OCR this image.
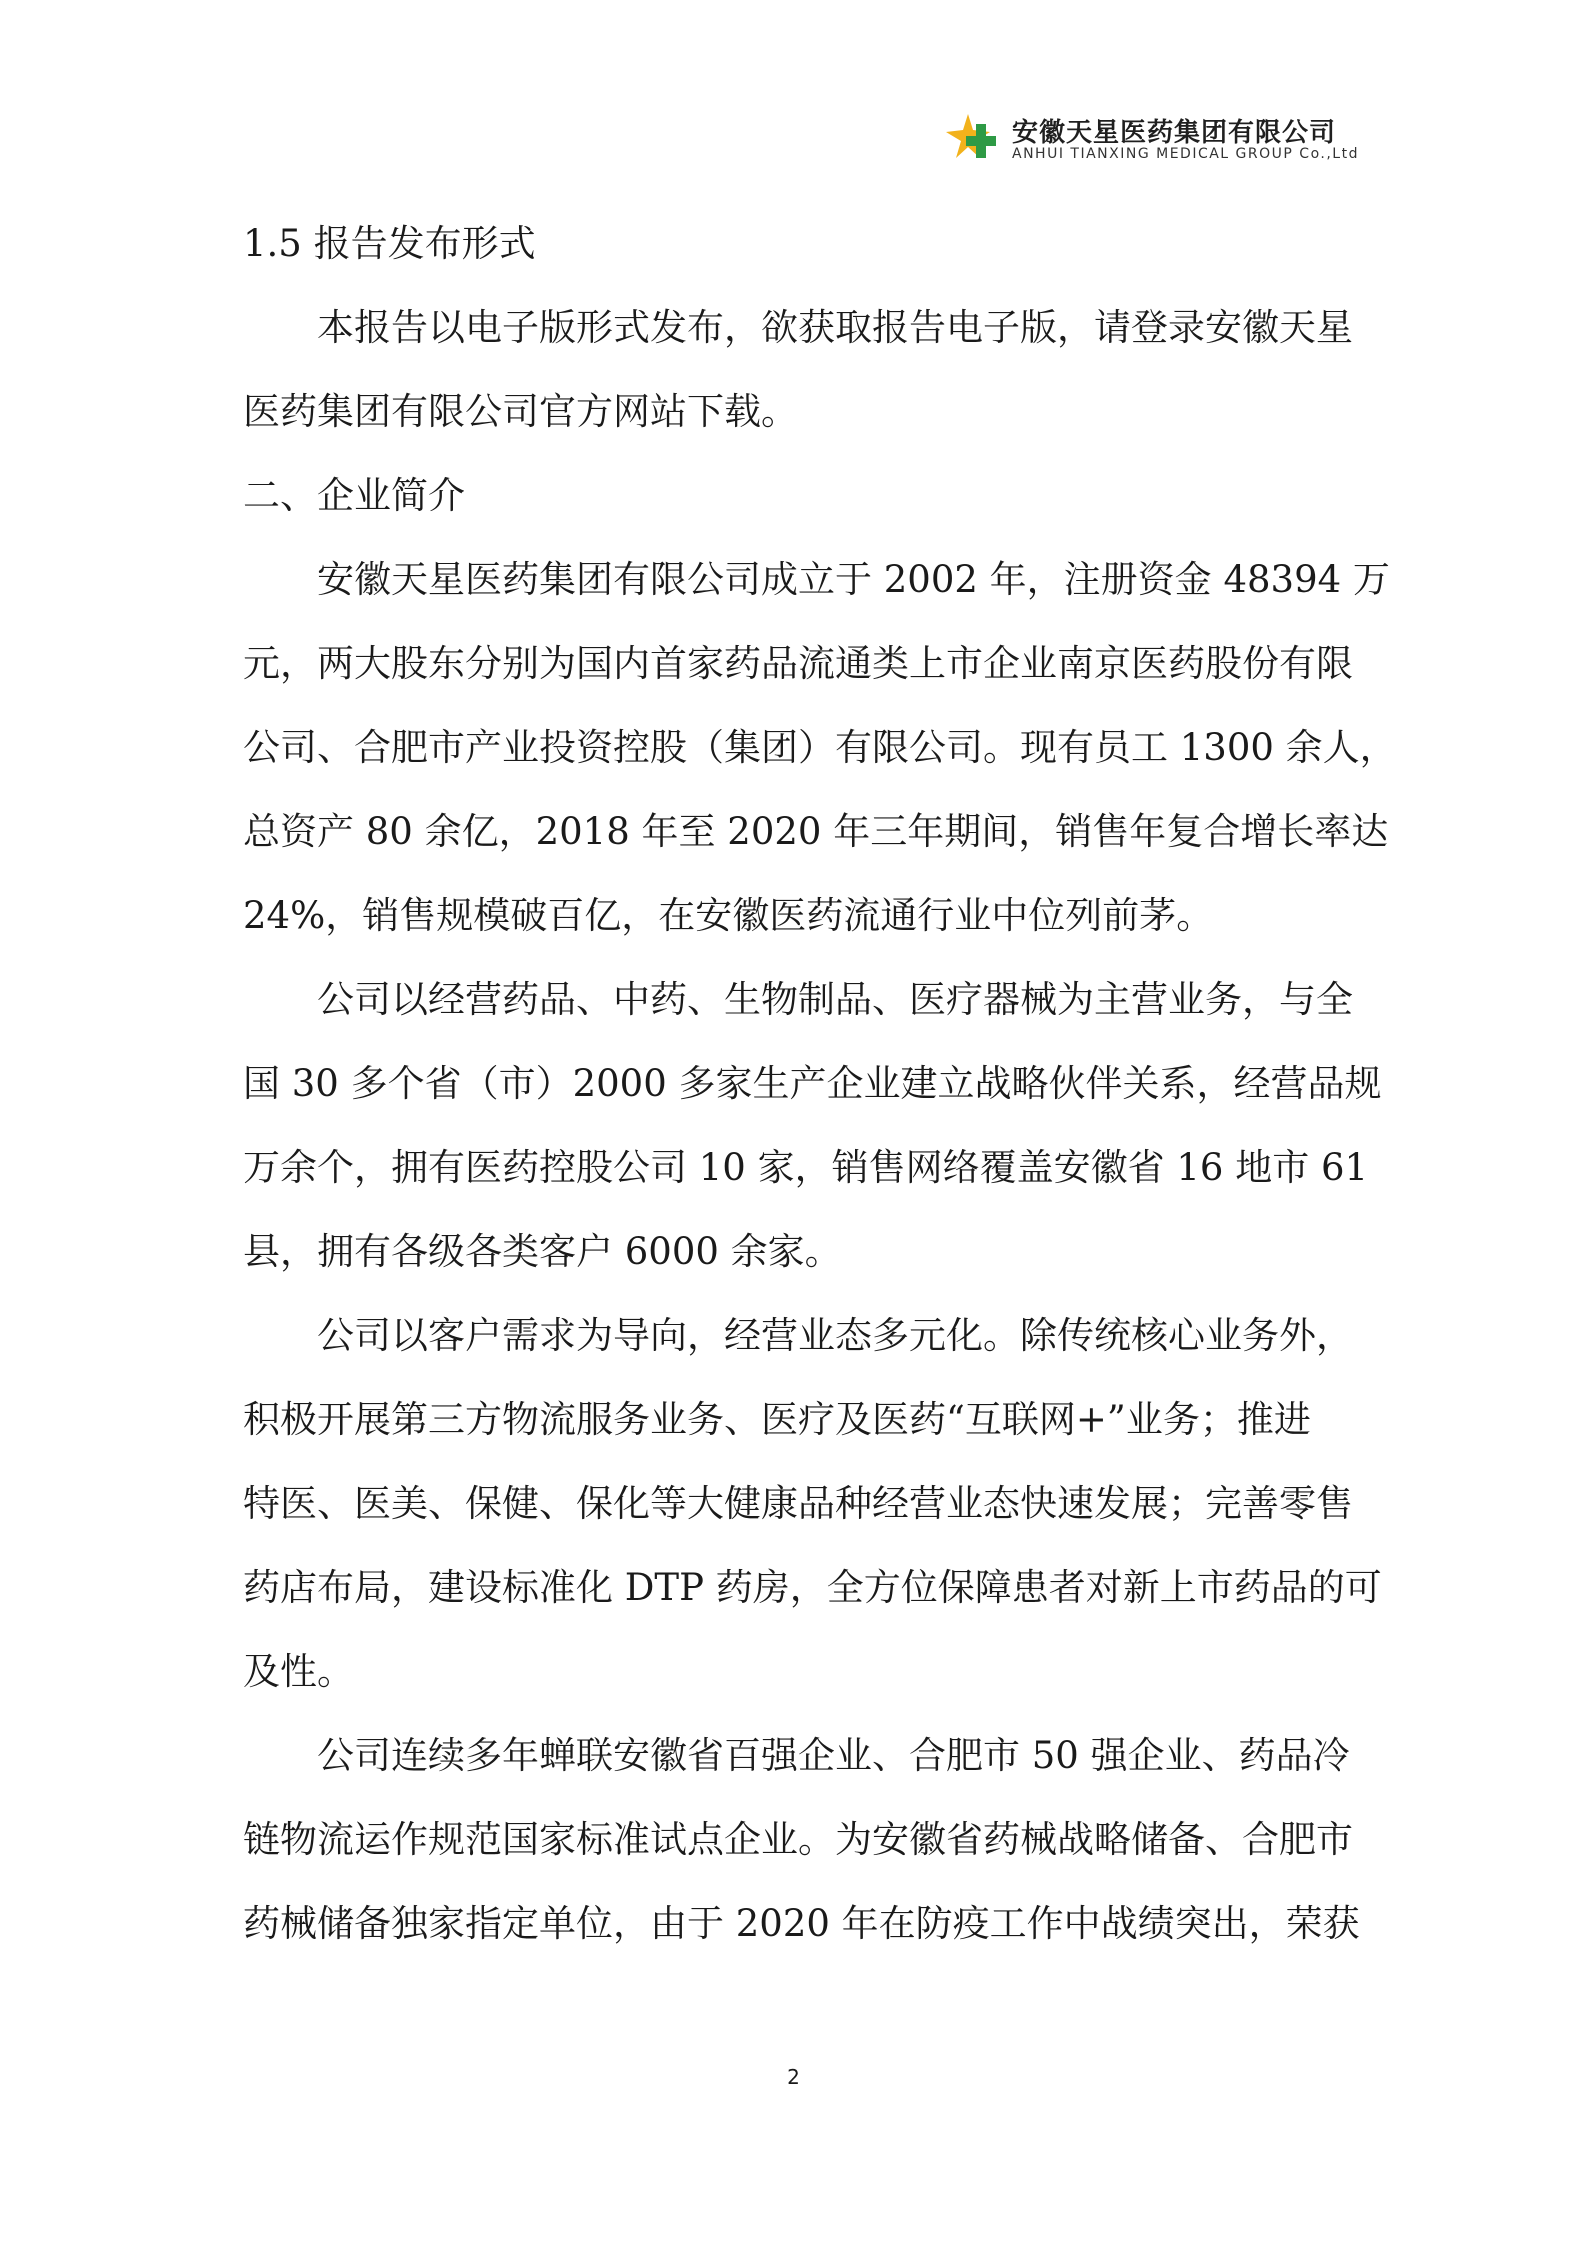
安徽天星医药集团有限公司
ANHUI TIANXING MEDICAL GROUP Co.,Ltd

1.5 报告发布形式

本报告以电子版形式发布，欲获取报告电子版，请登录安徽天星

医药集团有限公司官方网站下载。

二、企业简介

安徽天星医药集团有限公司成立于 2002 年，注册资金 48394 万

元，两大股东分别为国内首家药品流通类上市企业南京医药股份有限

公司、合肥市产业投资控股（集团）有限公司。现有员工 1300 余人，

总资产 80 余亿，2018 年至 2020 年三年期间，销售年复合增长率达

24%，销售规模破百亿，在安徽医药流通行业中位列前茅。

公司以经营药品、中药、生物制品、医疗器械为主营业务，与全

国 30 多个省（市）2000 多家生产企业建立战略伙伴关系，经营品规

万余个，拥有医药控股公司 10 家，销售网络覆盖安徽省 16 地市 61

县，拥有各级各类客户 6000 余家。

公司以客户需求为导向，经营业态多元化。除传统核心业务外，

积极开展第三方物流服务业务、医疗及医药“互联网+”业务；推进

特医、医美、保健、保化等大健康品种经营业态快速发展；完善零售

药店布局，建设标准化 DTP 药房，全方位保障患者对新上市药品的可

及性。

公司连续多年蝉联安徽省百强企业、合肥市 50 强企业、药品冷

链物流运作规范国家标准试点企业。为安徽省药械战略储备、合肥市

药械储备独家指定单位，由于 2020 年在防疫工作中战绩突出，荣获

2
